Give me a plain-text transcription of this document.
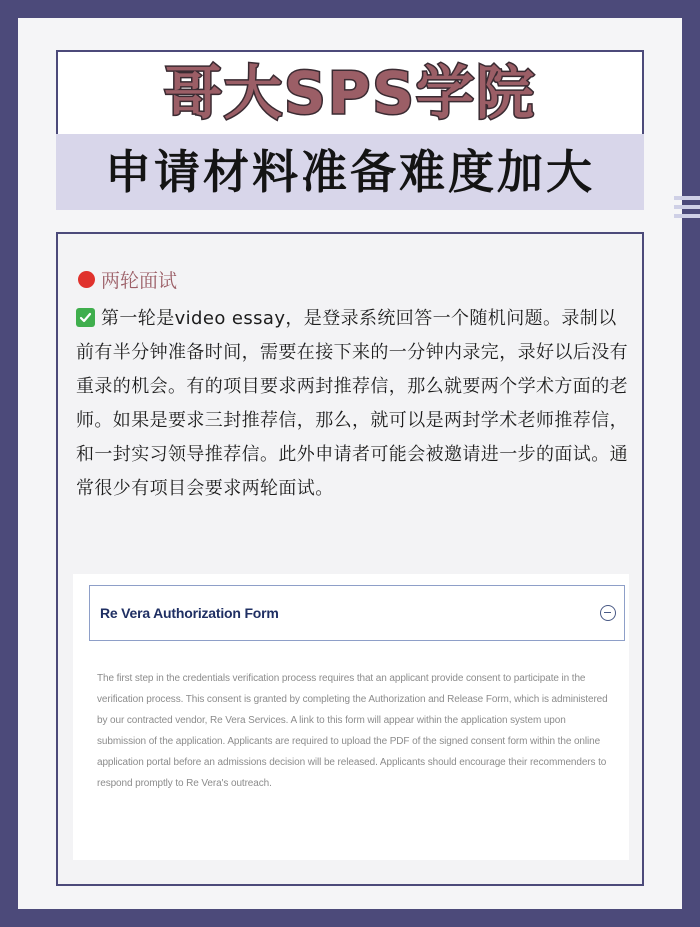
哥大SPS学院
申请材料准备难度加大
两轮面试
第一轮是video essay，是登录系统回答一个随机问题。录制以前有半分钟准备时间，需要在接下来的一分钟内录完，录好以后没有重录的机会。有的项目要求两封推荐信，那么就要两个学术方面的老师。如果是要求三封推荐信，那么，就可以是两封学术老师推荐信，和一封实习领导推荐信。此外申请者可能会被邀请进一步的面试。通常很少有项目会要求两轮面试。
Re Vera Authorization Form
The first step in the credentials verification process requires that an applicant provide consent to participate in the verification process. This consent is granted by completing the Authorization and Release Form, which is administered by our contracted vendor, Re Vera Services. A link to this form will appear within the application system upon submission of the application. Applicants are required to upload the PDF of the signed consent form within the online application portal before an admissions decision will be released. Applicants should encourage their recommenders to respond promptly to Re Vera's outreach.
